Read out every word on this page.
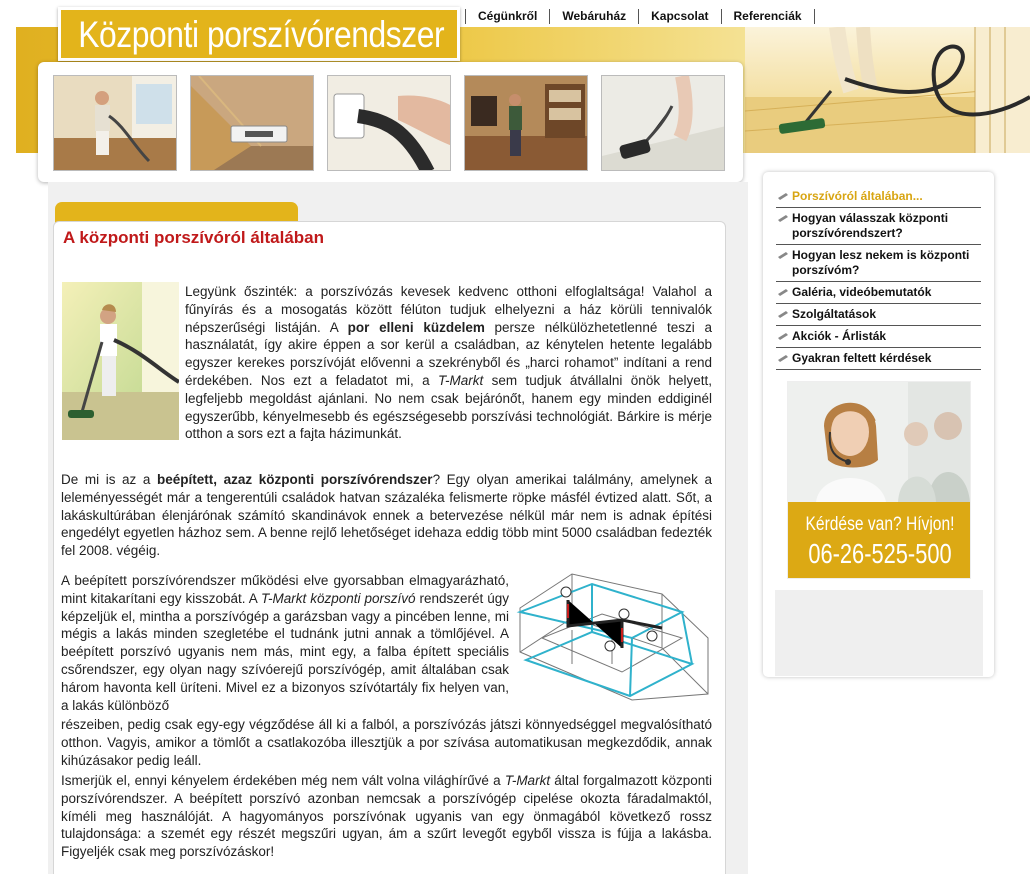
Központi porszívórendszer	Cégünkről	Webáruház	Kapcsolat	Referenciák
A központi porszívóról általában

Legyünk őszinték: a porszívózás kevesek kedvenc otthoni elfoglaltsága! Valahol a fűnyírás és a mosogatás között félúton tudjuk elhelyezni a ház körüli tennivalók népszerűségi listáján. A por elleni küzdelem persze nélkülözhetetlenné teszi a használatát, így akire éppen a sor kerül a családban, az kénytelen hetente legalább egyszer kerekes porszívóját elővenni a szekrényből és „harci rohamot” indítani a rend érdekében. Nos ezt a feladatot mi, a T-Markt sem tudjuk átvállalni önök helyett, legfeljebb megoldást ajánlani. No nem csak bejárónőt, hanem egy minden eddiginél egyszerűbb, kényelmesebb és egészségesebb porszívási technológiát. Bárkire is mérje otthon a sors ezt a fajta házimunkát.

De mi is az a beépített, azaz központi porszívórendszer? Egy olyan amerikai találmány, amelynek a leleményességét már a tengerentúli családok hatvan százaléka felismerte röpke másfél évtized alatt. Sőt, a lakáskultúrában élenjárónak számító skandinávok ennek a betervezése nélkül már nem is adnak építési engedélyt egyetlen házhoz sem. A benne rejlő lehetőséget idehaza eddig több mint 5000 családban fedezték fel 2008. végéig.

A beépített porszívórendszer működési elve gyorsabban elmagyarázható, mint kitakarítani egy kisszobát. A T-Markt központi porszívó rendszerét úgy képzeljük el, mintha a porszívógép a garázsban vagy a pincében lenne, mi mégis a lakás minden szegletébe el tudnánk jutni annak a tömlőjével. A beépített porszívó ugyanis nem más, mint egy, a falba épített speciális csőrendszer, egy olyan nagy szívóerejű porszívógép, amit általában csak három havonta kell üríteni. Mivel ez a bizonyos szívótartály fix helyen van, a lakás különböző

részeiben, pedig csak egy-egy végződése áll ki a falból, a porszívózás játszi könnyedséggel megvalósítható otthon. Vagyis, amikor a tömlőt a csatlakozóba illesztjük a por szívása automatikusan megkezdődik, annak kihúzásakor pedig leáll.

Ismerjük el, ennyi kényelem érdekében még nem vált volna világhírűvé a T-Markt által forgalmazott központi porszívórendszer. A beépített porszívó azonban nemcsak a porszívógép cipelése okozta fáradalmaktól, kíméli meg használóját. A hagyományos porszívónak ugyanis van egy önmagából következő rossz tulajdonsága: a szemét egy részét megszűri ugyan, ám a szűrt levegőt egyből vissza is fújja a lakásba. Figyeljék csak meg porszívózáskor!

Porszívóról általában...
Hogyan válasszak központi porszívórendszert?
Hogyan lesz nekem is központi porszívóm?
Galéria, videóbemutatók
Szolgáltatások
Akciók - Árlisták
Gyakran feltett kérdések
Kérdése van? Hívjon!
06-26-525-500
